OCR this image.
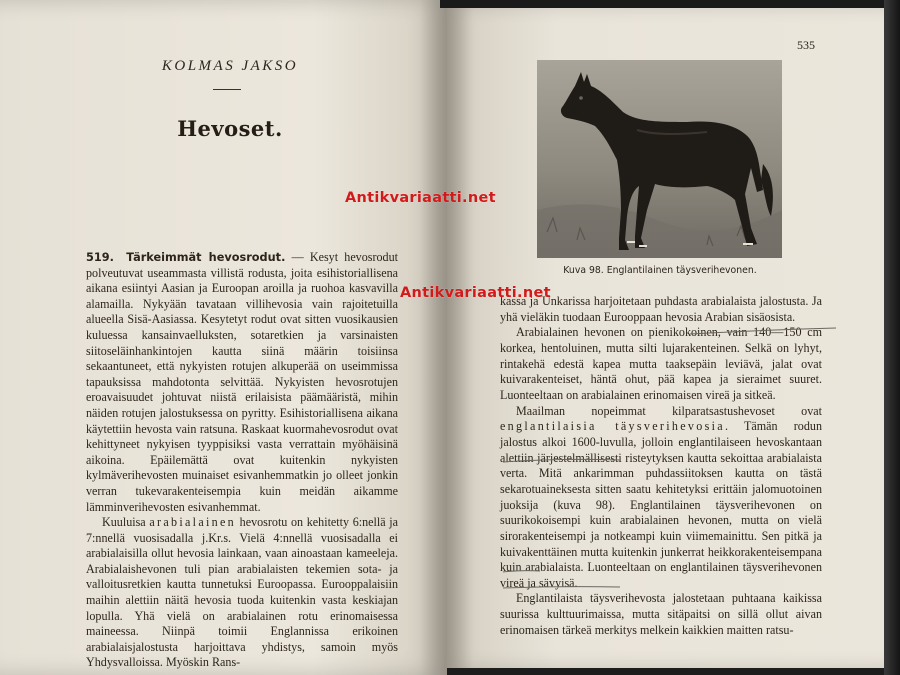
KOLMAS JAKSO
Hevoset.

519. Tärkeimmät hevosrodut. — Kesyt hevosrodut polveutuvat useammasta villistä rodusta, joita esihistoriallisena aikana esiintyi Aasian ja Euroopan aroilla ja ruohoa kasvavilla alamailla. Nykyään tavataan villihevosia vain rajoitetuilla alueella Sisä-Aasiassa. Kesytetyt rodut ovat sitten vuosikausien kuluessa kansainvaelluksten, sotaretkien ja varsinaisten siitoseläinhankintojen kautta siinä määrin toisiinsa sekaantuneet, että nykyisten rotujen alkuperää on useimmissa tapauksissa mahdotonta selvittää. Nykyisten hevosrotujen eroavaisuudet johtuvat niistä erilaisista päämääristä, mihin näiden rotujen jalostuksessa on pyritty. Esihistoriallisena aikana käytettiin hevosta vain ratsuna. Raskaat kuormahevosrodut ovat kehittyneet nykyisen tyyppisiksi vasta verrattain myöhäisinä aikoina. Epäilemättä ovat kuitenkin nykyisten kylmäverihevosten muinaiset esivanhemmatkin jo olleet jonkin verran tukevarakenteisempia kuin meidän aikamme lämminverihevosten esivanhemmat.

Kuuluisa arabialainen hevosrotu on kehitetty 6:nellä ja 7:nnellä vuosisadalla j.Kr.s. Vielä 4:nnellä vuosisadalla ei arabialaisilla ollut hevosia lainkaan, vaan ainoastaan kameeleja. Arabialaishevonen tuli pian arabialaisten tekemien sota- ja valloitusretkien kautta tunnetuksi Euroopassa. Eurooppalaisiin maihin alettiin näitä hevosia tuoda kuitenkin vasta keskiajan lopulla. Yhä vielä on arabialainen rotu erinomaisessa maineessa. Niinpä toimii Englannissa erikoinen arabialaisjalostusta harjoittava yhdistys, samoin myös Yhdysvalloissa. Myöskin Rans-

535
Kuva 98. Englantilainen täysverihevonen.

kassa ja Unkarissa harjoitetaan puhdasta arabialaista jalostusta. Ja yhä vieläkin tuodaan Eurooppaan hevosia Arabian sisäosista.

Arabialainen hevonen on pienikokoinen, vain 140—150 cm korkea, hentoluinen, mutta silti lujarakenteinen. Selkä on lyhyt, rintakehä edestä kapea mutta taaksepäin leviävä, jalat ovat kuivarakenteiset, häntä ohut, pää kapea ja sieraimet suuret. Luonteeltaan on arabialainen erinomaisen vireä ja sitkeä.

Maailman nopeimmat kilparatsastushevoset ovat englantilaisia täysverihevosia. Tämän rodun jalostus alkoi 1600-luvulla, jolloin englantilaiseen hevoskantaan alettiin järjestelmällisesti risteytyksen kautta sekoittaa arabialaista verta. Mitä ankarimman puhdassiitoksen kautta on tästä sekarotuaineksesta sitten saatu kehitetyksi erittäin jalomuotoinen juoksija (kuva 98). Englantilainen täysverihevonen on suurikokoisempi kuin arabialainen hevonen, mutta on vielä sirorakenteisempi ja notkeampi kuin viimemainittu. Sen pitkä ja kuivakenttäinen mutta kuitenkin junkerrat heikkorakenteisempana kuin arabialaista. Luonteeltaan on englantilainen täysverihevonen vireä ja sävyisä.

Englantilaista täysverihevosta jalostetaan puhtaana kaikissa suurissa kulttuurimaissa, mutta sitäpaitsi on sillä ollut aivan erinomaisen tärkeä merkitys melkein kaikkien maitten ratsu-

Antikvariaatti.net
Antikvariaatti.net
